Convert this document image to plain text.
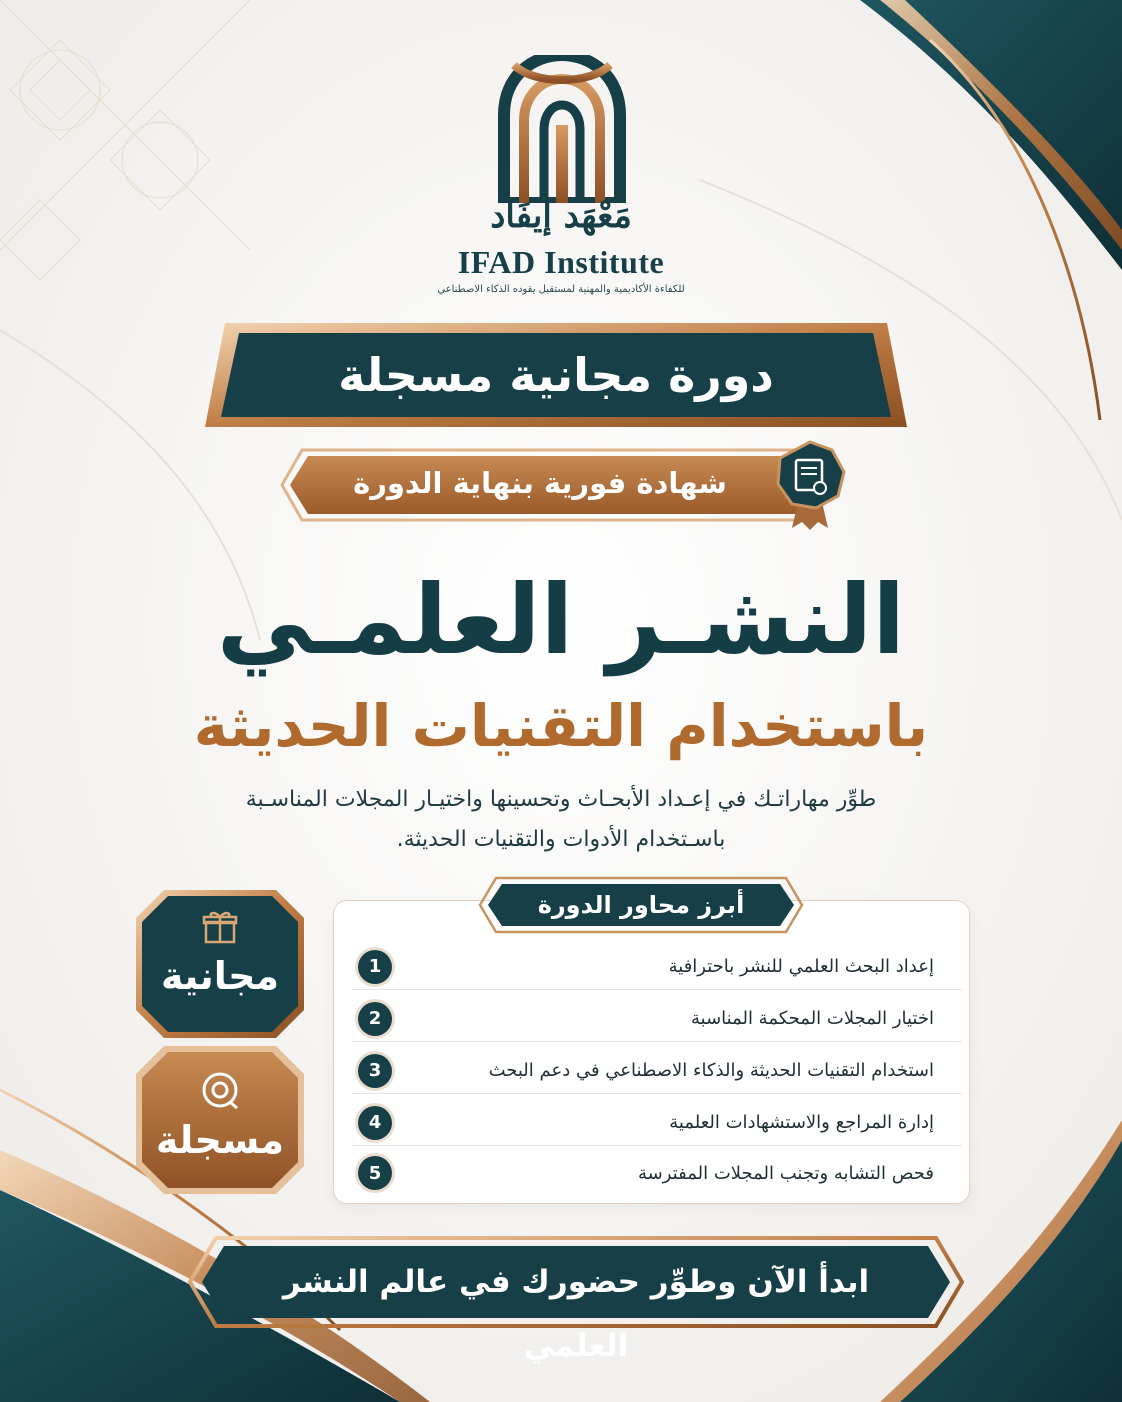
مَعْهَد إيفَاد
IFAD Institute
للكفاءة الأكاديمية والمهنية لمستقبل يقوده الذكاء الاصطناعي
دورة مجانية مسجلة
شهادة فورية بنهاية الدورة
النشـر العلمـي
باستخدام التقنيات الحديثة
طوِّر مهاراتـك في إعـداد الأبحـاث وتحسينها واختيـار المجلات المناسـبة
باسـتخدام الأدوات والتقنيات الحديثة.
مجانية
مسجلة
أبرز محاور الدورة
1	إعداد البحث العلمي للنشر باحترافية
2	اختيار المجلات المحكمة المناسبة
3	استخدام التقنيات الحديثة والذكاء الاصطناعي في دعم البحث
4	إدارة المراجع والاستشهادات العلمية
5	فحص التشابه وتجنب المجلات المفترسة
ابدأ الآن وطوِّر حضورك في عالم النشر العلمي
